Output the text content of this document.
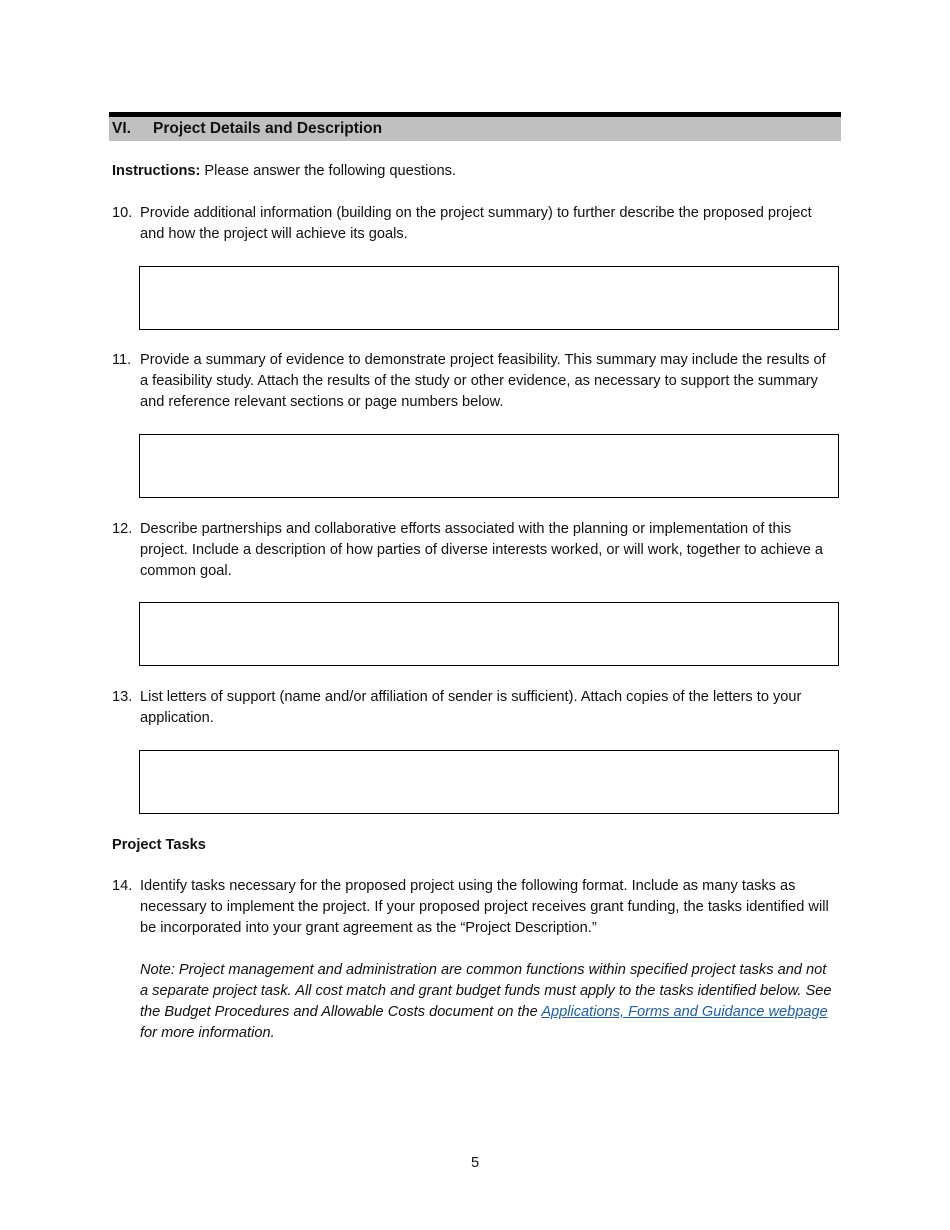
VI. Project Details and Description
Instructions: Please answer the following questions.
10. Provide additional information (building on the project summary) to further describe the proposed project and how the project will achieve its goals.
11. Provide a summary of evidence to demonstrate project feasibility. This summary may include the results of a feasibility study. Attach the results of the study or other evidence, as necessary to support the summary and reference relevant sections or page numbers below.
12. Describe partnerships and collaborative efforts associated with the planning or implementation of this project. Include a description of how parties of diverse interests worked, or will work, together to achieve a common goal.
13. List letters of support (name and/or affiliation of sender is sufficient). Attach copies of the letters to your application.
Project Tasks
14. Identify tasks necessary for the proposed project using the following format. Include as many tasks as necessary to implement the project. If your proposed project receives grant funding, the tasks identified will be incorporated into your grant agreement as the “Project Description.”
Note: Project management and administration are common functions within specified project tasks and not a separate project task. All cost match and grant budget funds must apply to the tasks identified below. See the Budget Procedures and Allowable Costs document on the Applications, Forms and Guidance webpage for more information.
5
